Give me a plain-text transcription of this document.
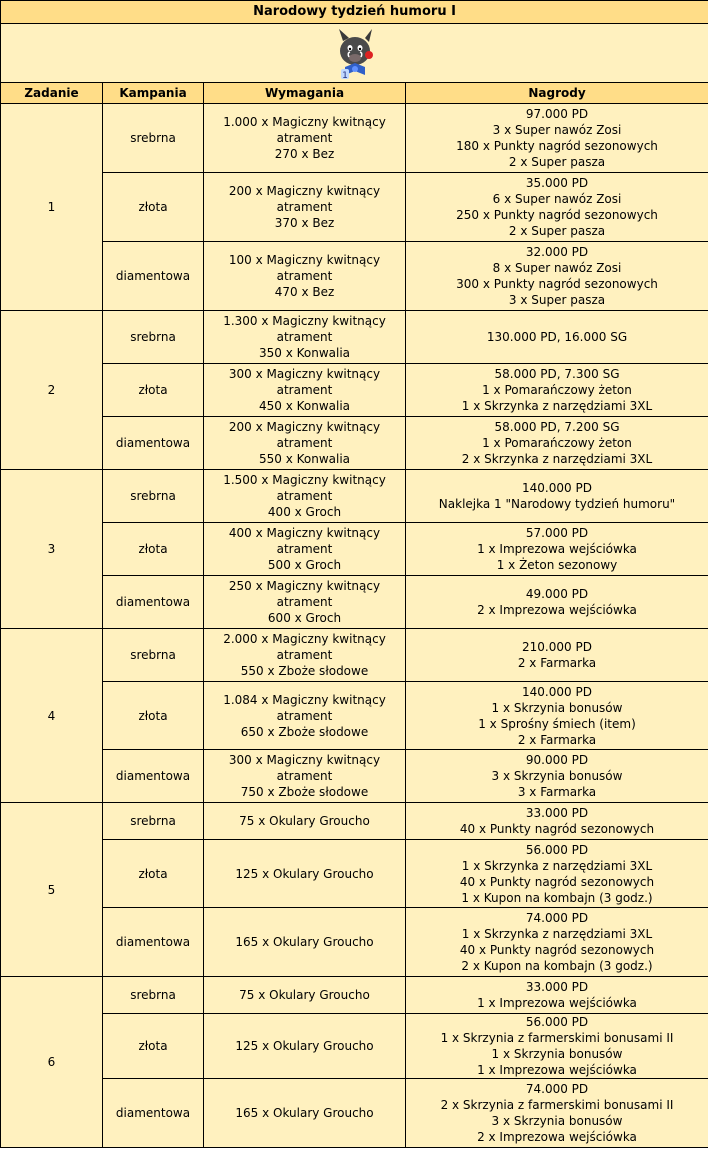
Narodowy tydzień humoru I			

1			

Zadanie	Kampania	Wymagania	Nagrody
1	srebrna	1.000 x Magiczny kwitnący
atrament
270 x Bez	97.000 PD
3 x Super nawóz Zosi
180 x Punkty nagród sezonowych
2 x Super pasza

	złota	200 x Magiczny kwitnący
atrament
370 x Bez	35.000 PD
6 x Super nawóz Zosi
250 x Punkty nagród sezonowych
2 x Super pasza

	diamentowa	100 x Magiczny kwitnący
atrament
470 x Bez	32.000 PD
8 x Super nawóz Zosi
300 x Punkty nagród sezonowych
3 x Super pasza

2	srebrna	1.300 x Magiczny kwitnący
atrament
350 x Konwalia	130.000 PD, 16.000 SG

	złota	300 x Magiczny kwitnący
atrament
450 x Konwalia	58.000 PD, 7.300 SG
1 x Pomarańczowy żeton
1 x Skrzynka z narzędziami 3XL

	diamentowa	200 x Magiczny kwitnący
atrament
550 x Konwalia	58.000 PD, 7.200 SG
1 x Pomarańczowy żeton
2 x Skrzynka z narzędziami 3XL

3	srebrna	1.500 x Magiczny kwitnący
atrament
400 x Groch	140.000 PD
Naklejka 1 "Narodowy tydzień humoru"

	złota	400 x Magiczny kwitnący
atrament
500 x Groch	57.000 PD
1 x Imprezowa wejściówka
1 x Żeton sezonowy

	diamentowa	250 x Magiczny kwitnący
atrament
600 x Groch	49.000 PD
2 x Imprezowa wejściówka

4	srebrna	2.000 x Magiczny kwitnący
atrament
550 x Zboże słodowe	210.000 PD
2 x Farmarka

	złota	1.084 x Magiczny kwitnący
atrament
650 x Zboże słodowe	140.000 PD
1 x Skrzynia bonusów
1 x Sprośny śmiech (item)
2 x Farmarka

	diamentowa	300 x Magiczny kwitnący
atrament
750 x Zboże słodowe	90.000 PD
3 x Skrzynia bonusów
3 x Farmarka

5	srebrna	75 x Okulary Groucho	33.000 PD
40 x Punkty nagród sezonowych

	złota	125 x Okulary Groucho	56.000 PD
1 x Skrzynka z narzędziami 3XL
40 x Punkty nagród sezonowych
1 x Kupon na kombajn (3 godz.)

	diamentowa	165 x Okulary Groucho	74.000 PD
1 x Skrzynka z narzędziami 3XL
40 x Punkty nagród sezonowych
2 x Kupon na kombajn (3 godz.)

6	srebrna	75 x Okulary Groucho	33.000 PD
1 x Imprezowa wejściówka

	złota	125 x Okulary Groucho	56.000 PD
1 x Skrzynia z farmerskimi bonusami II
1 x Skrzynia bonusów
1 x Imprezowa wejściówka

	diamentowa	165 x Okulary Groucho	74.000 PD
2 x Skrzynia z farmerskimi bonusami II
3 x Skrzynia bonusów
2 x Imprezowa wejściówka
